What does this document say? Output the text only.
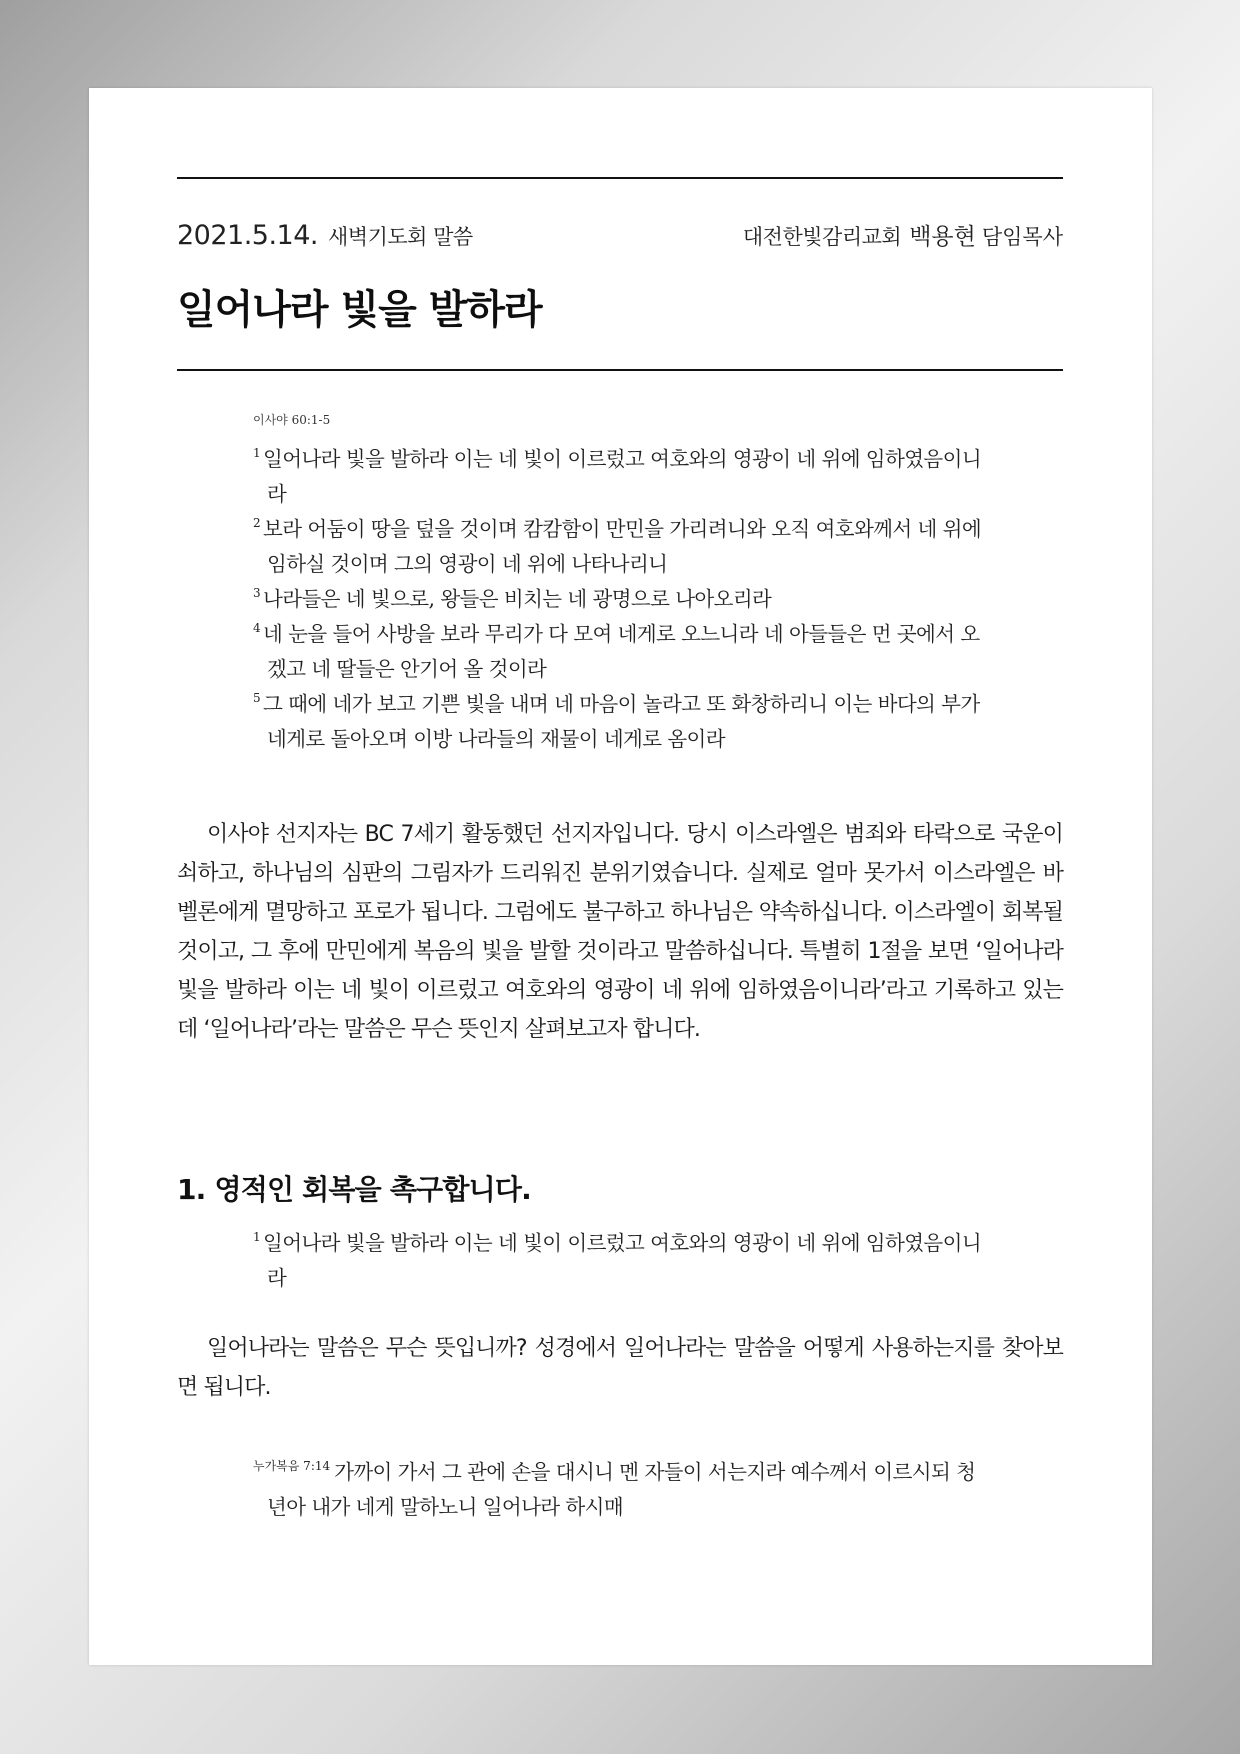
2021.5.14. 새벽기도회 말씀	대전한빛감리교회 백용현 담임목사
일어나라 빛을 발하라
이사야 60:1-5
$^1$ 일어나라 빛을 발하라 이는 네 빛이 이르렀고 여호와의 영광이 네 위에 임하였음이니라
$^2$ 보라 어둠이 땅을 덮을 것이며 캄캄함이 만민을 가리려니와 오직 여호와께서 네 위에 임하실 것이며 그의 영광이 네 위에 나타나리니
$^3$ 나라들은 네 빛으로, 왕들은 비치는 네 광명으로 나아오리라
$^4$ 네 눈을 들어 사방을 보라 무리가 다 모여 네게로 오느니라 네 아들들은 먼 곳에서 오겠고 네 딸들은 안기어 올 것이라
$^5$ 그 때에 네가 보고 기쁜 빛을 내며 네 마음이 놀라고 또 화창하리니 이는 바다의 부가 네게로 돌아오며 이방 나라들의 재물이 네게로 옴이라

이사야 선지자는 BC 7세기 활동했던 선지자입니다. 당시 이스라엘은 범죄와 타락으로 국운이 쇠하고, 하나님의 심판의 그림자가 드리워진 분위기였습니다. 실제로 얼마 못가서 이스라엘은 바벨론에게 멸망하고 포로가 됩니다. 그럼에도 불구하고 하나님은 약속하십니다. 이스라엘이 회복될 것이고, 그 후에 만민에게 복음의 빛을 발할 것이라고 말씀하십니다. 특별히 1절을 보면 ‘일어나라 빛을 발하라 이는 네 빛이 이르렀고 여호와의 영광이 네 위에 임하였음이니라’라고 기록하고 있는데 ‘일어나라’라는 말씀은 무슨 뜻인지 살펴보고자 합니다.

1. 영적인 회복을 촉구합니다.
$^1$ 일어나라 빛을 발하라 이는 네 빛이 이르렀고 여호와의 영광이 네 위에 임하였음이니라

일어나라는 말씀은 무슨 뜻입니까? 성경에서 일어나라는 말씀을 어떻게 사용하는지를 찾아보면 됩니다.

$^{누가복음 7:14}$ 가까이 가서 그 관에 손을 대시니 멘 자들이 서는지라 예수께서 이르시되 청년아 내가 네게 말하노니 일어나라 하시매
